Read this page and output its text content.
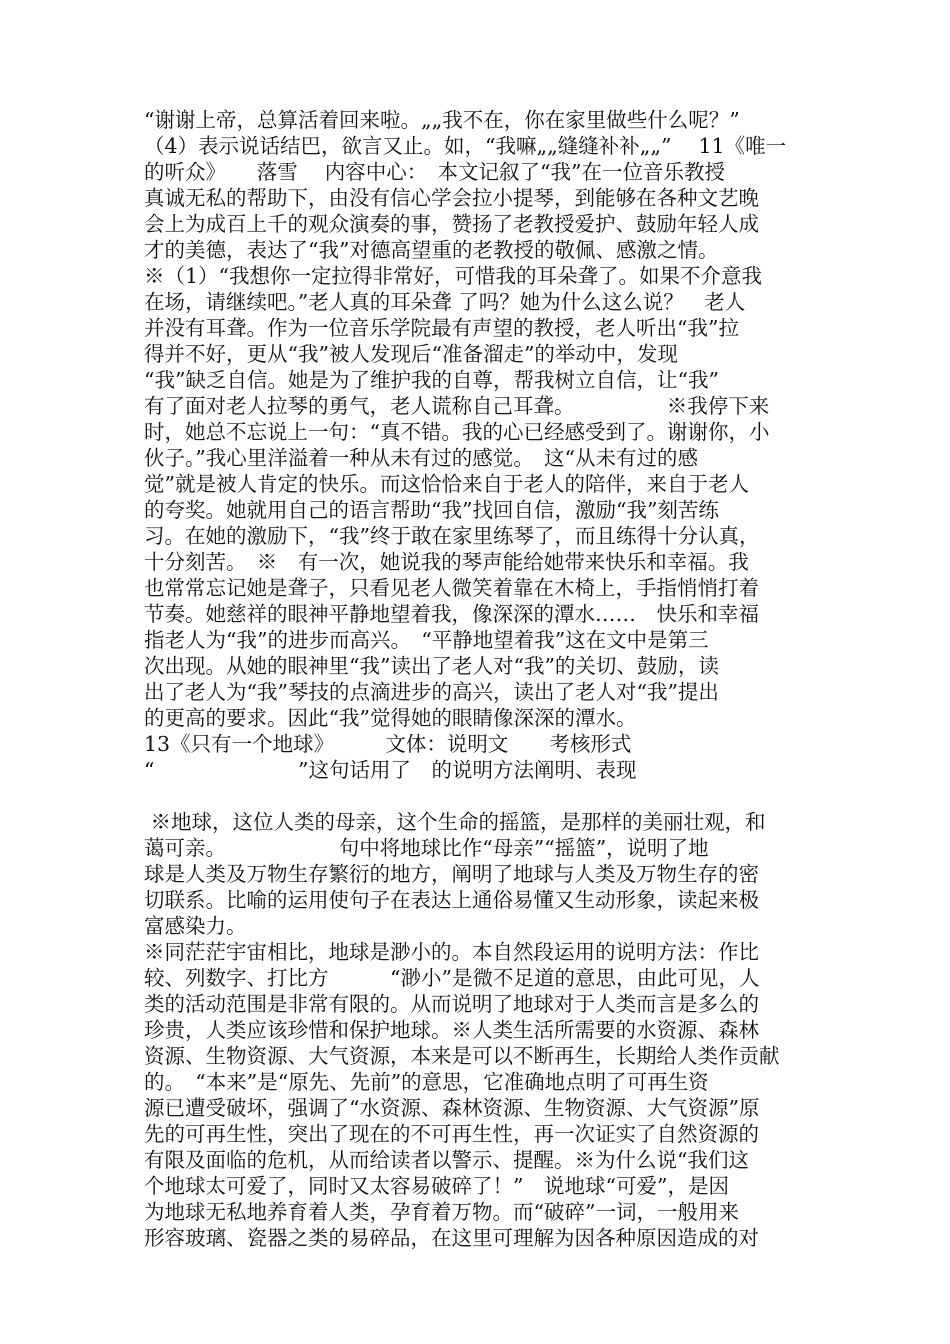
“谢谢上帝，总算活着回来啦。„„我不在，你在家里做些什么呢？”
（4）表示说话结巴，欲言又止。如，“我嘛„„缝缝补补„„”　 11《唯一
的听众》　　落雪　 内容中心：　本文记叙了“我”在一位音乐教授
真诚无私的帮助下，由没有信心学会拉小提琴，到能够在各种文艺晚
会上为成百上千的观众演奏的事，赞扬了老教授爱护、鼓励年轻人成
才的美德，表达了“我”对德高望重的老教授的敬佩、感激之情。
※（1）“我想你一定拉得非常好，可惜我的耳朵聋了。如果不介意我
在场，请继续吧。”老人真的耳朵聋 了吗？她为什么这么说？　老人
并没有耳聋。作为一位音乐学院最有声望的教授，老人听出“我”拉
得并不好，更从“我”被人发现后“准备溜走”的举动中，发现
“我”缺乏自信。她是为了维护我的自尊，帮我树立自信，让“我”
有了面对老人拉琴的勇气，老人谎称自己耳聋。　　　　　※我停下来
时，她总不忘说上一句：“真不错。我的心已经感受到了。谢谢你，小
伙子。”我心里洋溢着一种从未有过的感觉。　这“从未有过的感
觉”就是被人肯定的快乐。而这恰恰来自于老人的陪伴，来自于老人
的夸奖。她就用自己的语言帮助“我”找回自信，激励“我”刻苦练
习。在她的激励下，“我”终于敢在家里练琴了，而且练得十分认真，
十分刻苦。　※　有一次，她说我的琴声能给她带来快乐和幸福。我
也常常忘记她是聋子，只看见老人微笑着靠在木椅上，手指悄悄打着
节奏。她慈祥的眼神平静地望着我，像深深的潭水……　快乐和幸福
指老人为“我”的进步而高兴。　“平静地望着我”这在文中是第三
次出现。从她的眼神里“我”读出了老人对“我”的关切、鼓励，读
出了老人为“我”琴技的点滴进步的高兴，读出了老人对“我”提出
的更高的要求。因此“我”觉得她的眼睛像深深的潭水。
13《只有一个地球》　　　文体：说明文　　考核形式
“　　　　　　　”这句话用了　的说明方法阐明、表现
※地球，这位人类的母亲，这个生命的摇篮，是那样的美丽壮观，和
蔼可亲。　　　　　　句中将地球比作“母亲”“摇篮”，说明了地
球是人类及万物生存繁衍的地方，阐明了地球与人类及万物生存的密
切联系。比喻的运用使句子在表达上通俗易懂又生动形象，读起来极
富感染力。
※同茫茫宇宙相比，地球是渺小的。本自然段运用的说明方法：作比
较、列数字、打比方　　　“渺小”是微不足道的意思，由此可见，人
类的活动范围是非常有限的。从而说明了地球对于人类而言是多么的
珍贵，人类应该珍惜和保护地球。※人类生活所需要的水资源、森林
资源、生物资源、大气资源，本来是可以不断再生，长期给人类作贡献
的。　“本来”是“原先、先前”的意思，它准确地点明了可再生资
源已遭受破坏，强调了“水资源、森林资源、生物资源、大气资源”原
先的可再生性，突出了现在的不可再生性，再一次证实了自然资源的
有限及面临的危机，从而给读者以警示、提醒。※为什么说“我们这
个地球太可爱了，同时又太容易破碎了！”　说地球“可爱”，是因
为地球无私地养育着人类，孕育着万物。而“破碎”一词，一般用来
形容玻璃、瓷器之类的易碎品，在这里可理解为因各种原因造成的对
